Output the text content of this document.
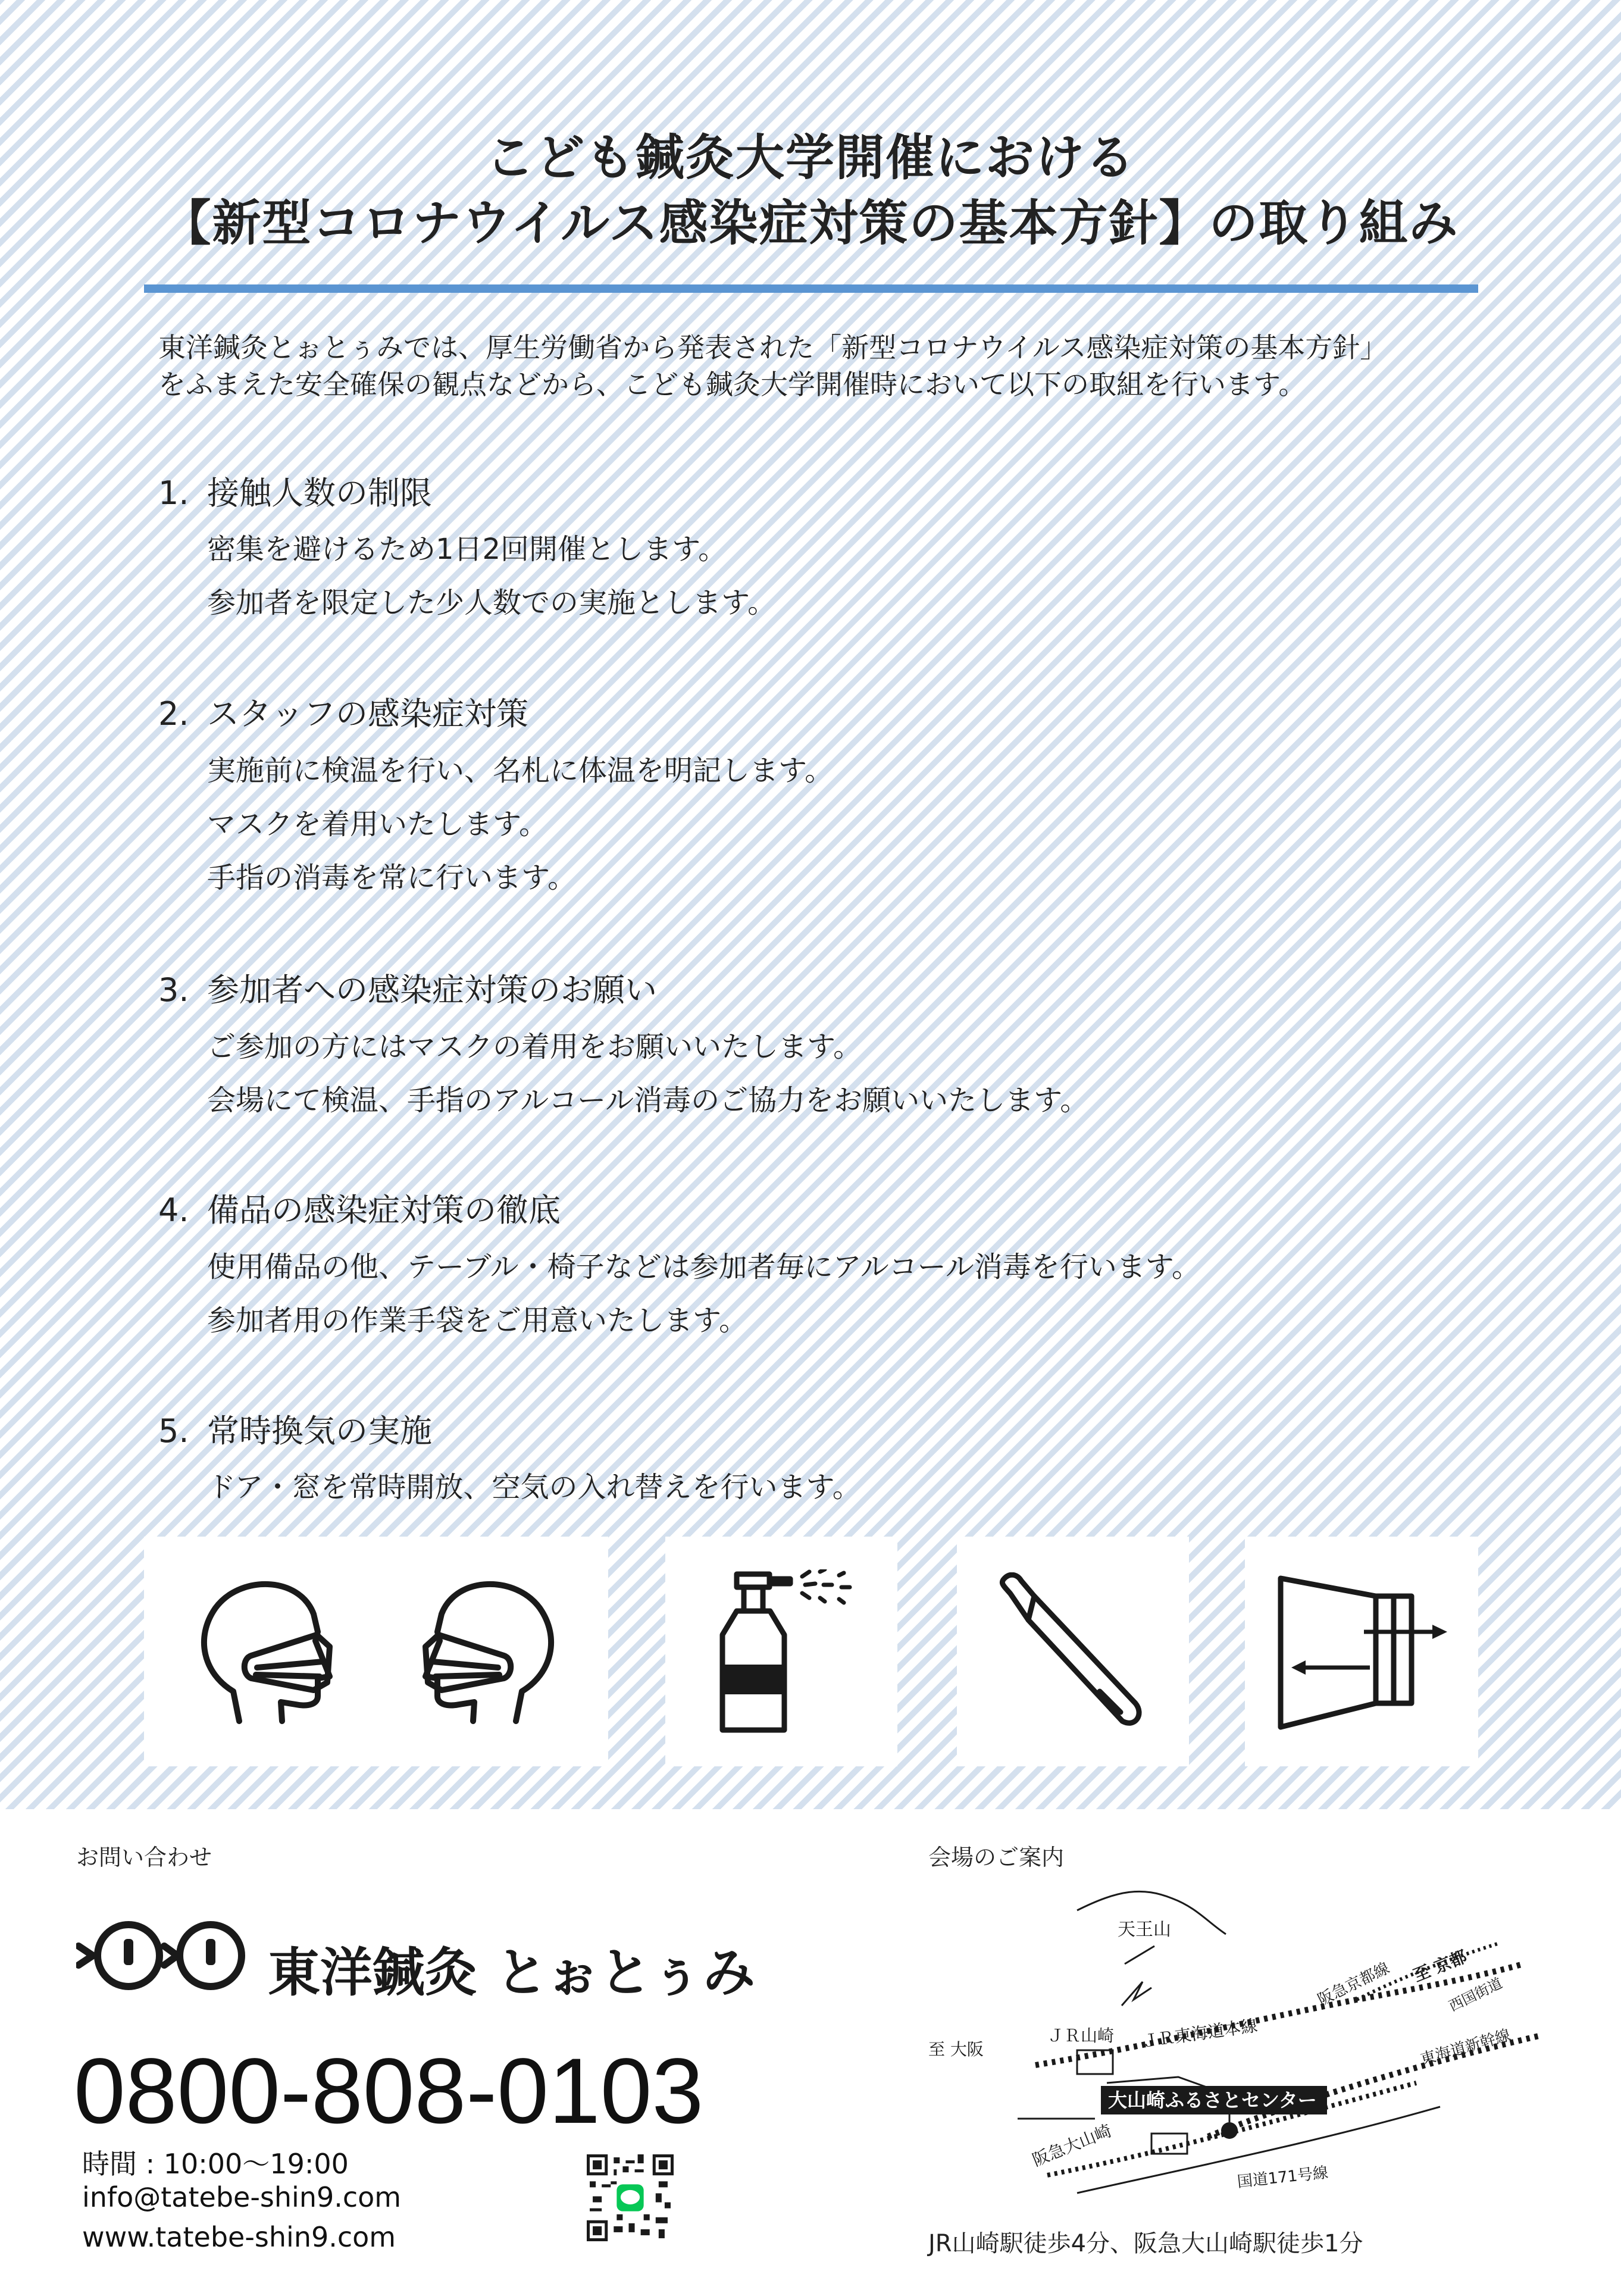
こども鍼灸大学開催における
【新型コロナウイルス感染症対策の基本方針】の取り組み
東洋鍼灸とぉとぅみでは、厚生労働省から発表された「新型コロナウイルス感染症対策の基本方針」
をふまえた安全確保の観点などから、こども鍼灸大学開催時において以下の取組を行います。
1. 接触人数の制限
密集を避けるため1日2回開催とします。
参加者を限定した少人数での実施とします。
2. スタッフの感染症対策
実施前に検温を行い、名札に体温を明記します。
マスクを着用いたします。
手指の消毒を常に行います。
3. 参加者への感染症対策のお願い
ご参加の方にはマスクの着用をお願いいたします。
会場にて検温、手指のアルコール消毒のご協力をお願いいたします。
4. 備品の感染症対策の徹底
使用備品の他、テーブル・椅子などは参加者毎にアルコール消毒を行います。
参加者用の作業手袋をご用意いたします。
5. 常時換気の実施
ドア・窓を常時開放、空気の入れ替えを行います。
お問い合わせ
東洋鍼灸 とぉとぅみ
0800-808-0103
時間 : 10:00〜19:00
info@tatebe-shin9.com
www.tatebe-shin9.com
会場のご案内
天王山
大山崎ふるさとセンター
至 大阪
ＪＲ山崎 ＪＲ東海道本線
阪急京都線 至 京都
西国街道
東海道新幹線
阪急大山崎
国道171号線
JR山崎駅徒歩4分、阪急大山崎駅徒歩1分
